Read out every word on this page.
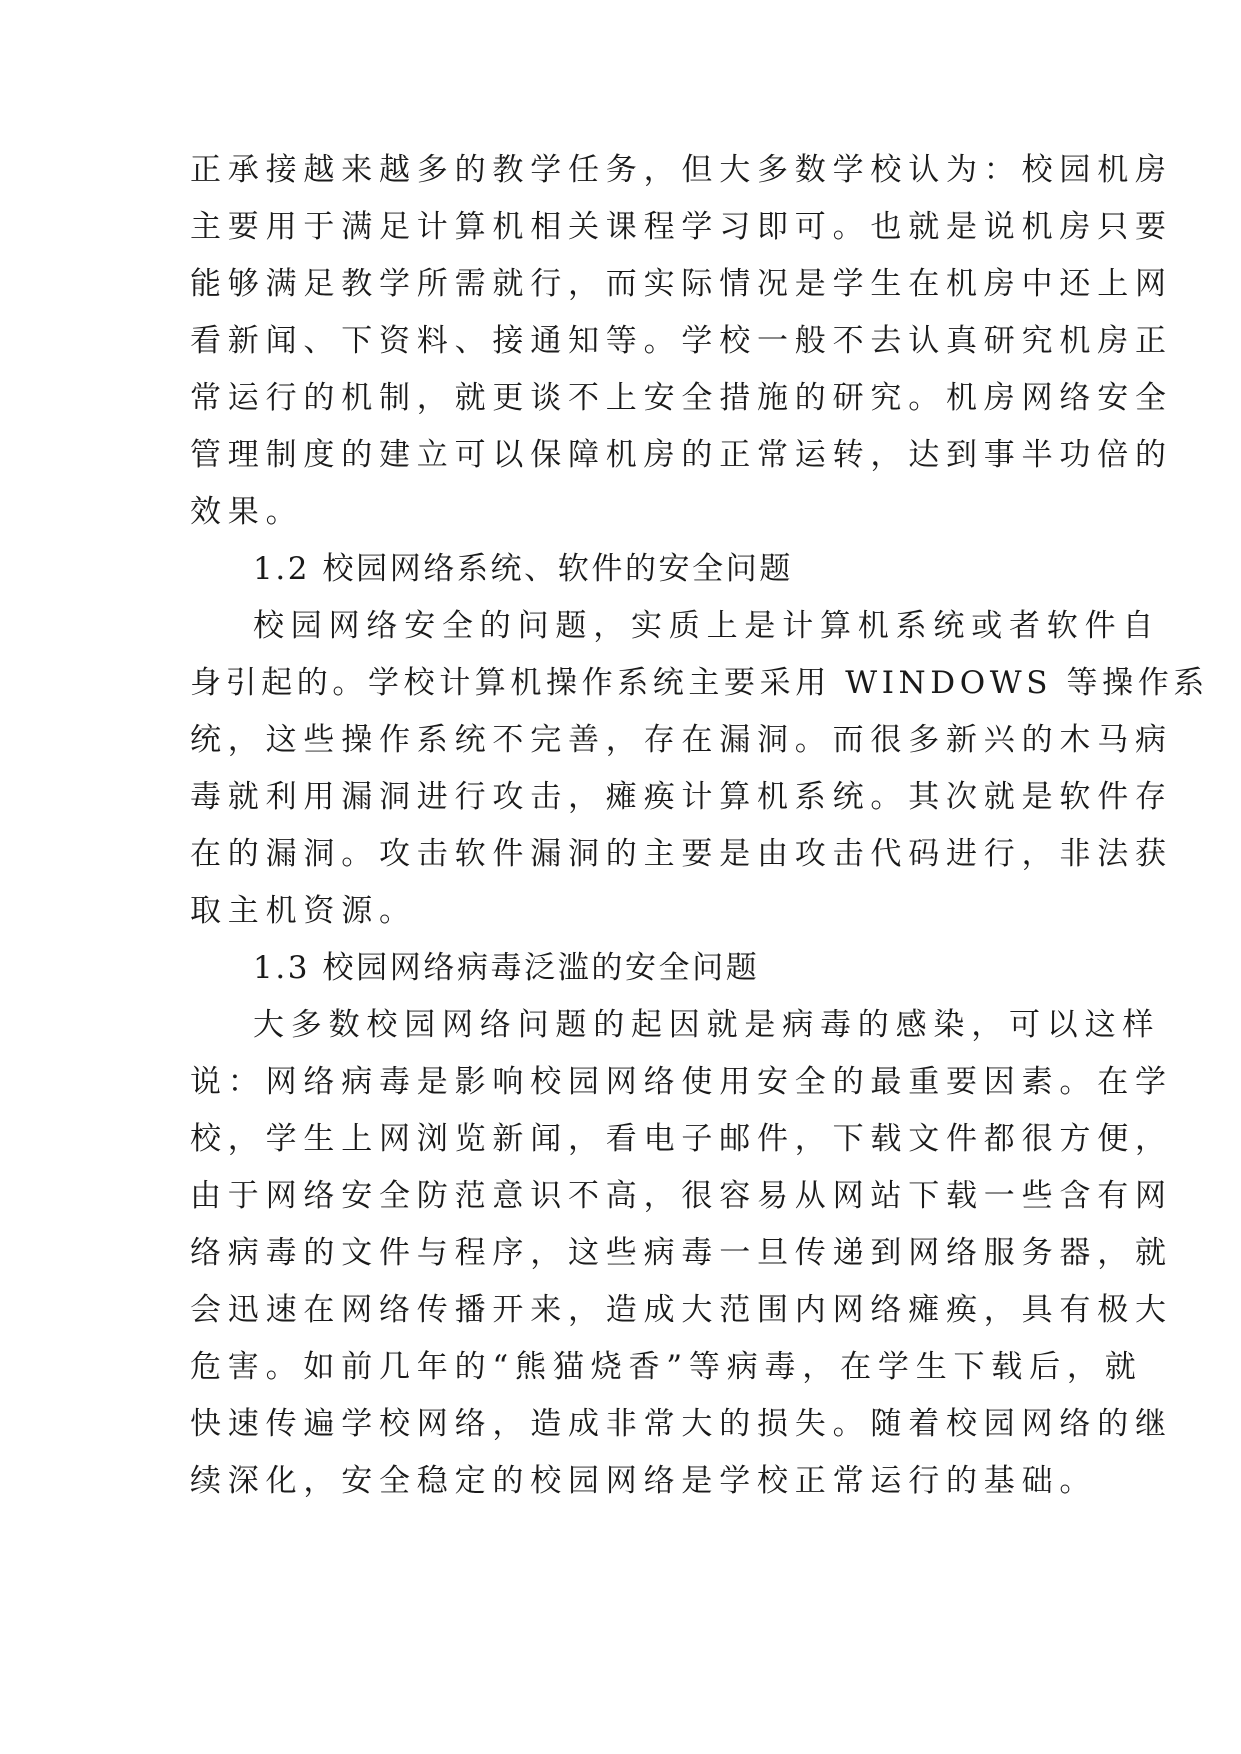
正承接越来越多的教学任务，但大多数学校认为：校园机房
主要用于满足计算机相关课程学习即可。也就是说机房只要
能够满足教学所需就行，而实际情况是学生在机房中还上网
看新闻、下资料、接通知等。学校一般不去认真研究机房正
常运行的机制，就更谈不上安全措施的研究。机房网络安全
管理制度的建立可以保障机房的正常运转，达到事半功倍的
效果。
1.2 校园网络系统、软件的安全问题
校园网络安全的问题，实质上是计算机系统或者软件自
身引起的。学校计算机操作系统主要采用 WINDOWS 等操作系
统，这些操作系统不完善，存在漏洞。而很多新兴的木马病
毒就利用漏洞进行攻击，瘫痪计算机系统。其次就是软件存
在的漏洞。攻击软件漏洞的主要是由攻击代码进行，非法获
取主机资源。
1.3 校园网络病毒泛滥的安全问题
大多数校园网络问题的起因就是病毒的感染，可以这样
说：网络病毒是影响校园网络使用安全的最重要因素。在学
校，学生上网浏览新闻，看电子邮件，下载文件都很方便，
由于网络安全防范意识不高，很容易从网站下载一些含有网
络病毒的文件与程序，这些病毒一旦传递到网络服务器，就
会迅速在网络传播开来，造成大范围内网络瘫痪，具有极大
危害。如前几年的“熊猫烧香”等病毒，在学生下载后，就
快速传遍学校网络，造成非常大的损失。随着校园网络的继
续深化，安全稳定的校园网络是学校正常运行的基础。
